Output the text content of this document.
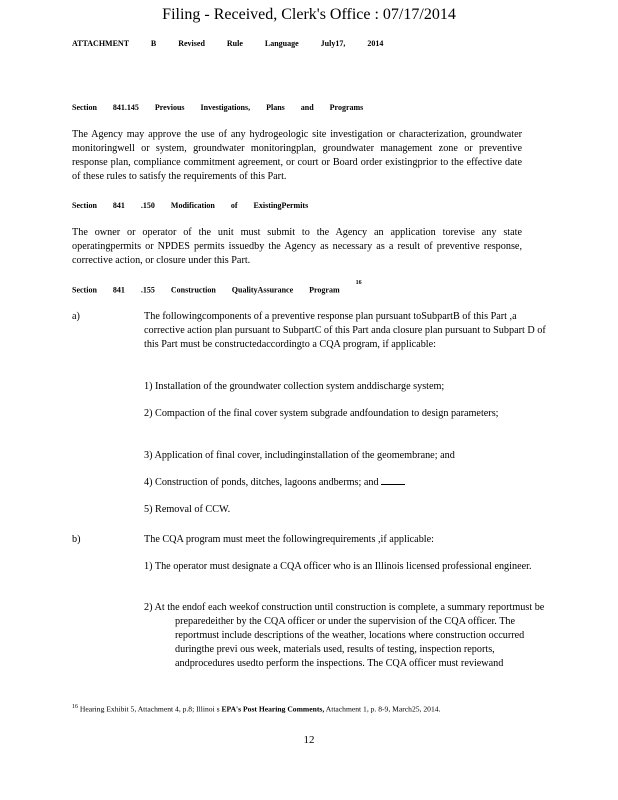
Filing - Received, Clerk's Office : 07/17/2014
ATTACHMENT B Revised Rule Language July17, 2014
Section 841.145 Previous Investigations, Plans and Programs
The Agency may approve the use of any hydrogeologic site investigation or characterization, groundwater monitoringwell or system, groundwater monitoringplan, groundwater management zone or preventive response plan, compliance commitment agreement, or court or Board order existingprior to the effective date of these rules to satisfy the requirements of this Part.
Section 841 .150 Modification of ExistingPermits
The owner or operator of the unit must submit to the Agency an application torevise any state operatingpermits or NPDES permits issuedby the Agency as necessary as a result of preventive response, corrective action, or closure under this Part.
Section 841 .155 Construction QualityAssurance Program $^{16}$
a)	The followingcomponents of a preventive response plan pursuant toSubpartB of this Part ,a corrective action plan pursuant to SubpartC of this Part anda closure plan pursuant to Subpart D of this Part must be constructedaccordingto a CQA program, if applicable:
1) Installation of the groundwater collection system anddischarge system;
2) Compaction of the final cover system subgrade andfoundation to design parameters;
3) Application of final cover, includinginstallation of the geomembrane; and
4) Construction of ponds, ditches, lagoons andberms; and
5) Removal of CCW.
b)	The CQA program must meet the followingrequirements ,if applicable:
1) The operator must designate a CQA officer who is an Illinois licensed professional engineer.
2) At the endof each weekof construction until construction is complete, a summary reportmust be preparedeither by the CQA officer or under the supervision of the CQA officer. The reportmust include descriptions of the weather, locations where construction occurred duringthe previ ous week, materials used, results of testing, inspection reports, andprocedures usedto perform the inspections. The CQA officer must reviewand
$^{16}$ Hearing Exhibit 5, Attachment 4, p.8; Illinoi s EPA's Post Hearing Comments, Attachment 1, p. 8-9, March25, 2014.
12
